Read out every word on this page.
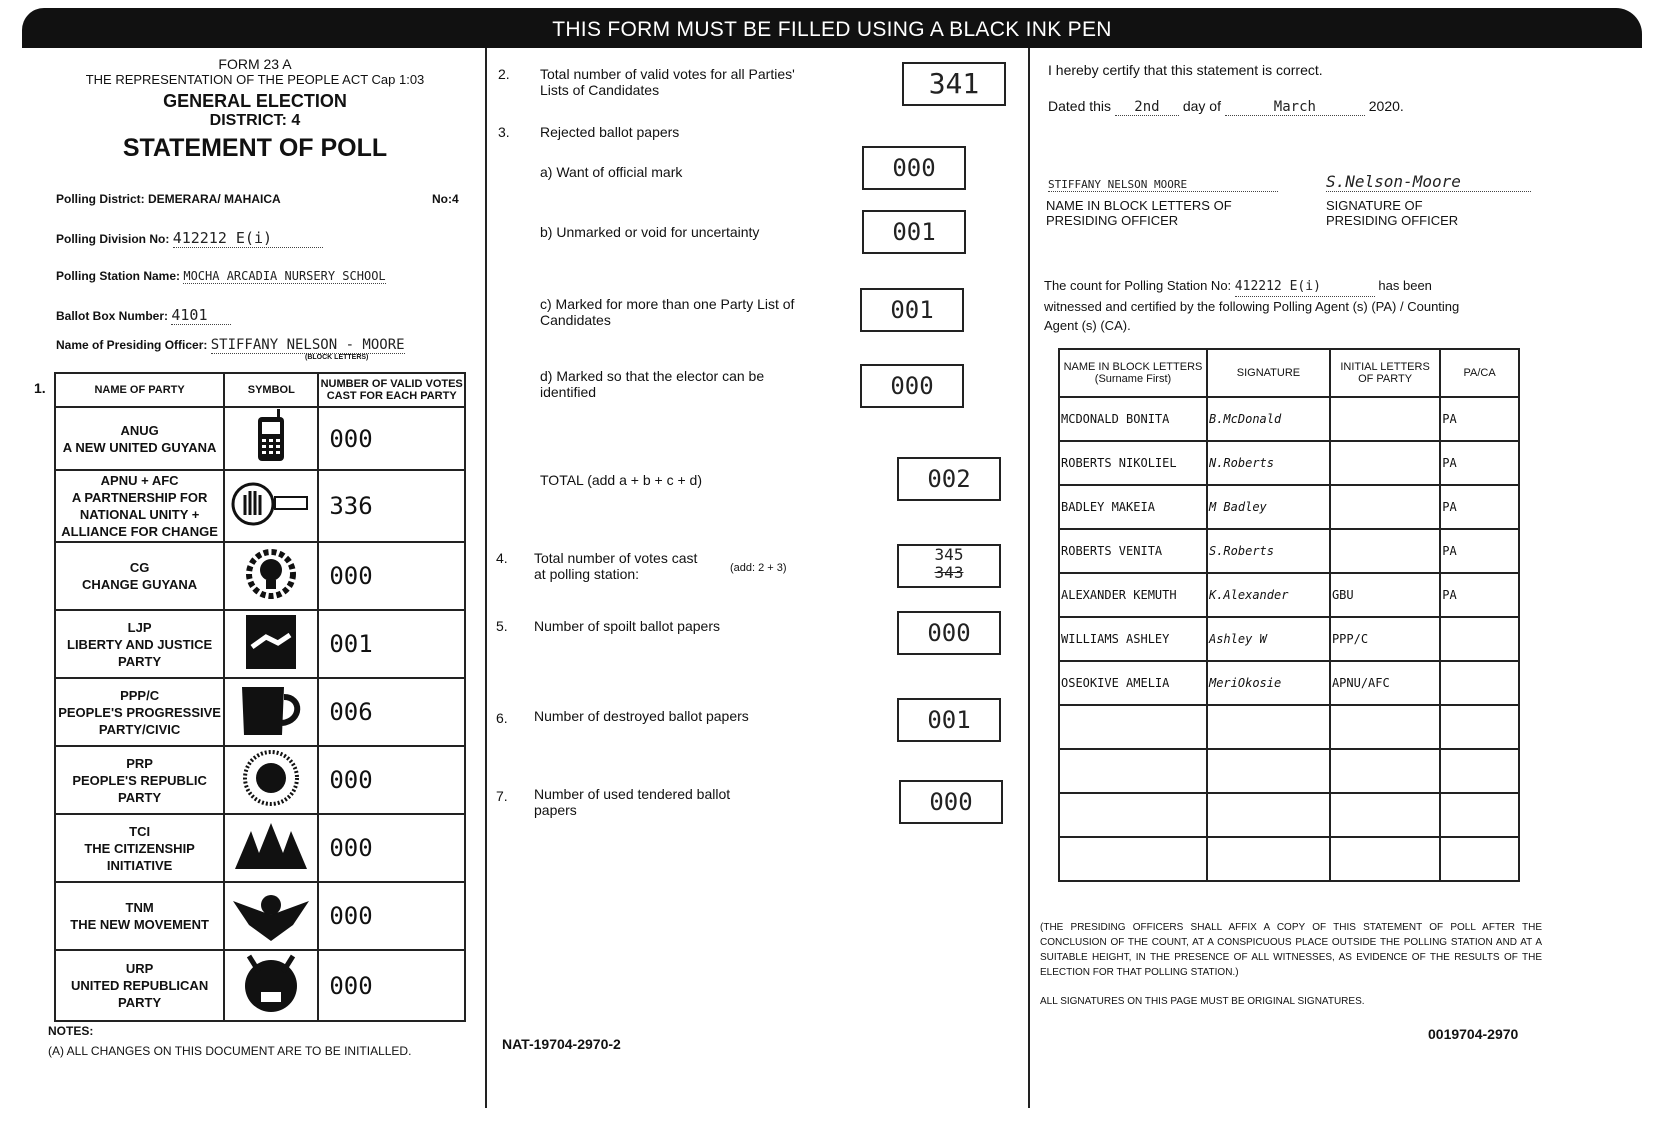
THIS FORM MUST BE FILLED USING A BLACK INK PEN
FORM 23 A
THE REPRESENTATION OF THE PEOPLE ACT Cap 1:03
GENERAL ELECTION
DISTRICT: 4
STATEMENT OF POLL
Polling District: DEMERARA/ MAHAICA	No:4
Polling Division No: 412212 E(i)
Polling Station Name: MOCHA ARCADIA NURSERY SCHOOL
Ballot Box Number: 4101
Name of Presiding Officer: STIFFANY NELSON - MOORE
(BLOCK LETTERS)
1.	NAME OF PARTY	SYMBOL	NUMBER OF VALID VOTES CAST FOR EACH PARTY

ANUG
A NEW UNITED GUYANA		000

APNU + AFC
A PARTNERSHIP FOR NATIONAL UNITY + ALLIANCE FOR CHANGE		336

CG
CHANGE GUYANA		000

LJP
LIBERTY AND JUSTICE PARTY		001

PPP/C
PEOPLE'S PROGRESSIVE PARTY/CIVIC		006

PRP
PEOPLE'S REPUBLIC PARTY		000

TCI
THE CITIZENSHIP INITIATIVE		000

TNM
THE NEW MOVEMENT		000

URP
UNITED REPUBLICAN PARTY		000
NOTES:
(A) ALL CHANGES ON THIS DOCUMENT ARE TO BE INITIALLED.
2. Total number of valid votes for all Parties' Lists of Candidates	341
3. Rejected ballot papers
a) Want of official mark	000
b) Unmarked or void for uncertainty	001
c) Marked for more than one Party List of Candidates	001
d) Marked so that the elector can be identified	000
TOTAL (add a + b + c + d)	002
4. Total number of votes cast at polling station:	(add: 2 + 3)
345
343
5. Number of spoilt ballot papers	000
6. Number of destroyed ballot papers	001
7. Number of used tendered ballot papers	000
NAT-19704-2970-2
I hereby certify that this statement is correct.
Dated this 2nd day of	March	2020.
STIFFANY NELSON MOORE	S.Nelson-Moore
NAME IN BLOCK LETTERS OF PRESIDING OFFICER
SIGNATURE OF PRESIDING OFFICER
The count for Polling Station No: 412212 E(i)	has been witnessed and certified by the following Polling Agent (s) (PA) / Counting Agent (s) (CA).
NAME IN BLOCK LETTERS (Surname First)	SIGNATURE	INITIAL LETTERS OF PARTY	PA/CA
MCDONALD BONITA	B.McDonald		PA
ROBERTS NIKOLIEL	N.Roberts		PA
BADLEY MAKEIA	M Badley		PA
ROBERTS VENITA	S.Roberts		PA
ALEXANDER KEMUTH	K.Alexander	GBU	PA
WILLIAMS ASHLEY	Ashley W	PPP/C	
OSEOKIVE AMELIA	MeriOkosie	APNU/AFC	

(THE PRESIDING OFFICERS SHALL AFFIX A COPY OF THIS STATEMENT OF POLL AFTER THE CONCLUSION OF THE COUNT, AT A CONSPICUOUS PLACE OUTSIDE THE POLLING STATION AND AT A SUITABLE HEIGHT, IN THE PRESENCE OF ALL WITNESSES, AS EVIDENCE OF THE RESULTS OF THE ELECTION FOR THAT POLLING STATION.)
ALL SIGNATURES ON THIS PAGE MUST BE ORIGINAL SIGNATURES.
0019704-2970
